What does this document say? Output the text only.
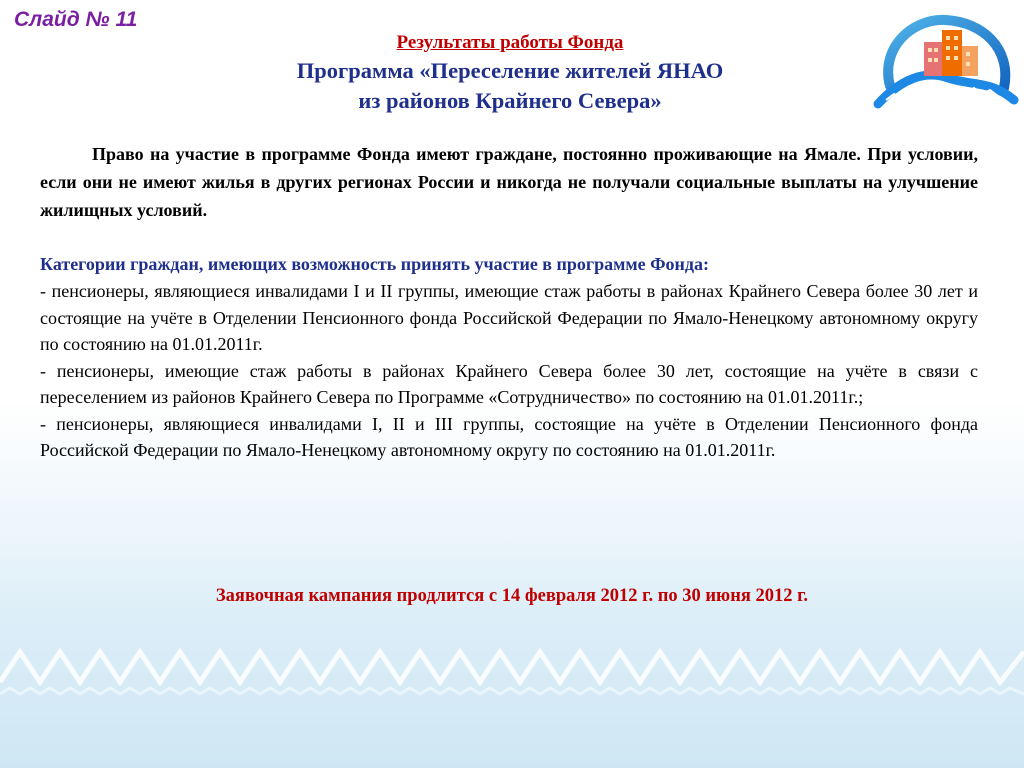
Слайд № 11
Результаты работы Фонда
Программа «Переселение жителей ЯНАО
из районов Крайнего Севера»

Право на участие в программе Фонда имеют граждане, постоянно проживающие на Ямале. При условии, если они не имеют жилья в других регионах России и никогда не получали социальные выплаты на улучшение жилищных условий.

Категории граждан, имеющих возможность принять участие в программе Фонда:

- пенсионеры, являющиеся инвалидами I и II группы, имеющие стаж работы в районах Крайнего Севера более 30 лет и состоящие на учёте в Отделении Пенсионного фонда Российской Федерации по Ямало-Ненецкому автономному округу по состоянию на 01.01.2011г.

- пенсионеры, имеющие стаж работы в районах Крайнего Севера более 30 лет, состоящие на учёте в связи с переселением из районов Крайнего Севера по Программе «Сотрудничество» по состоянию на 01.01.2011г.;

- пенсионеры, являющиеся инвалидами I, II и III группы, состоящие на учёте в Отделении Пенсионного фонда Российской Федерации по Ямало-Ненецкому автономному округу по состоянию на 01.01.2011г.

Заявочная кампания продлится с 14 февраля 2012 г. по 30 июня 2012 г.
